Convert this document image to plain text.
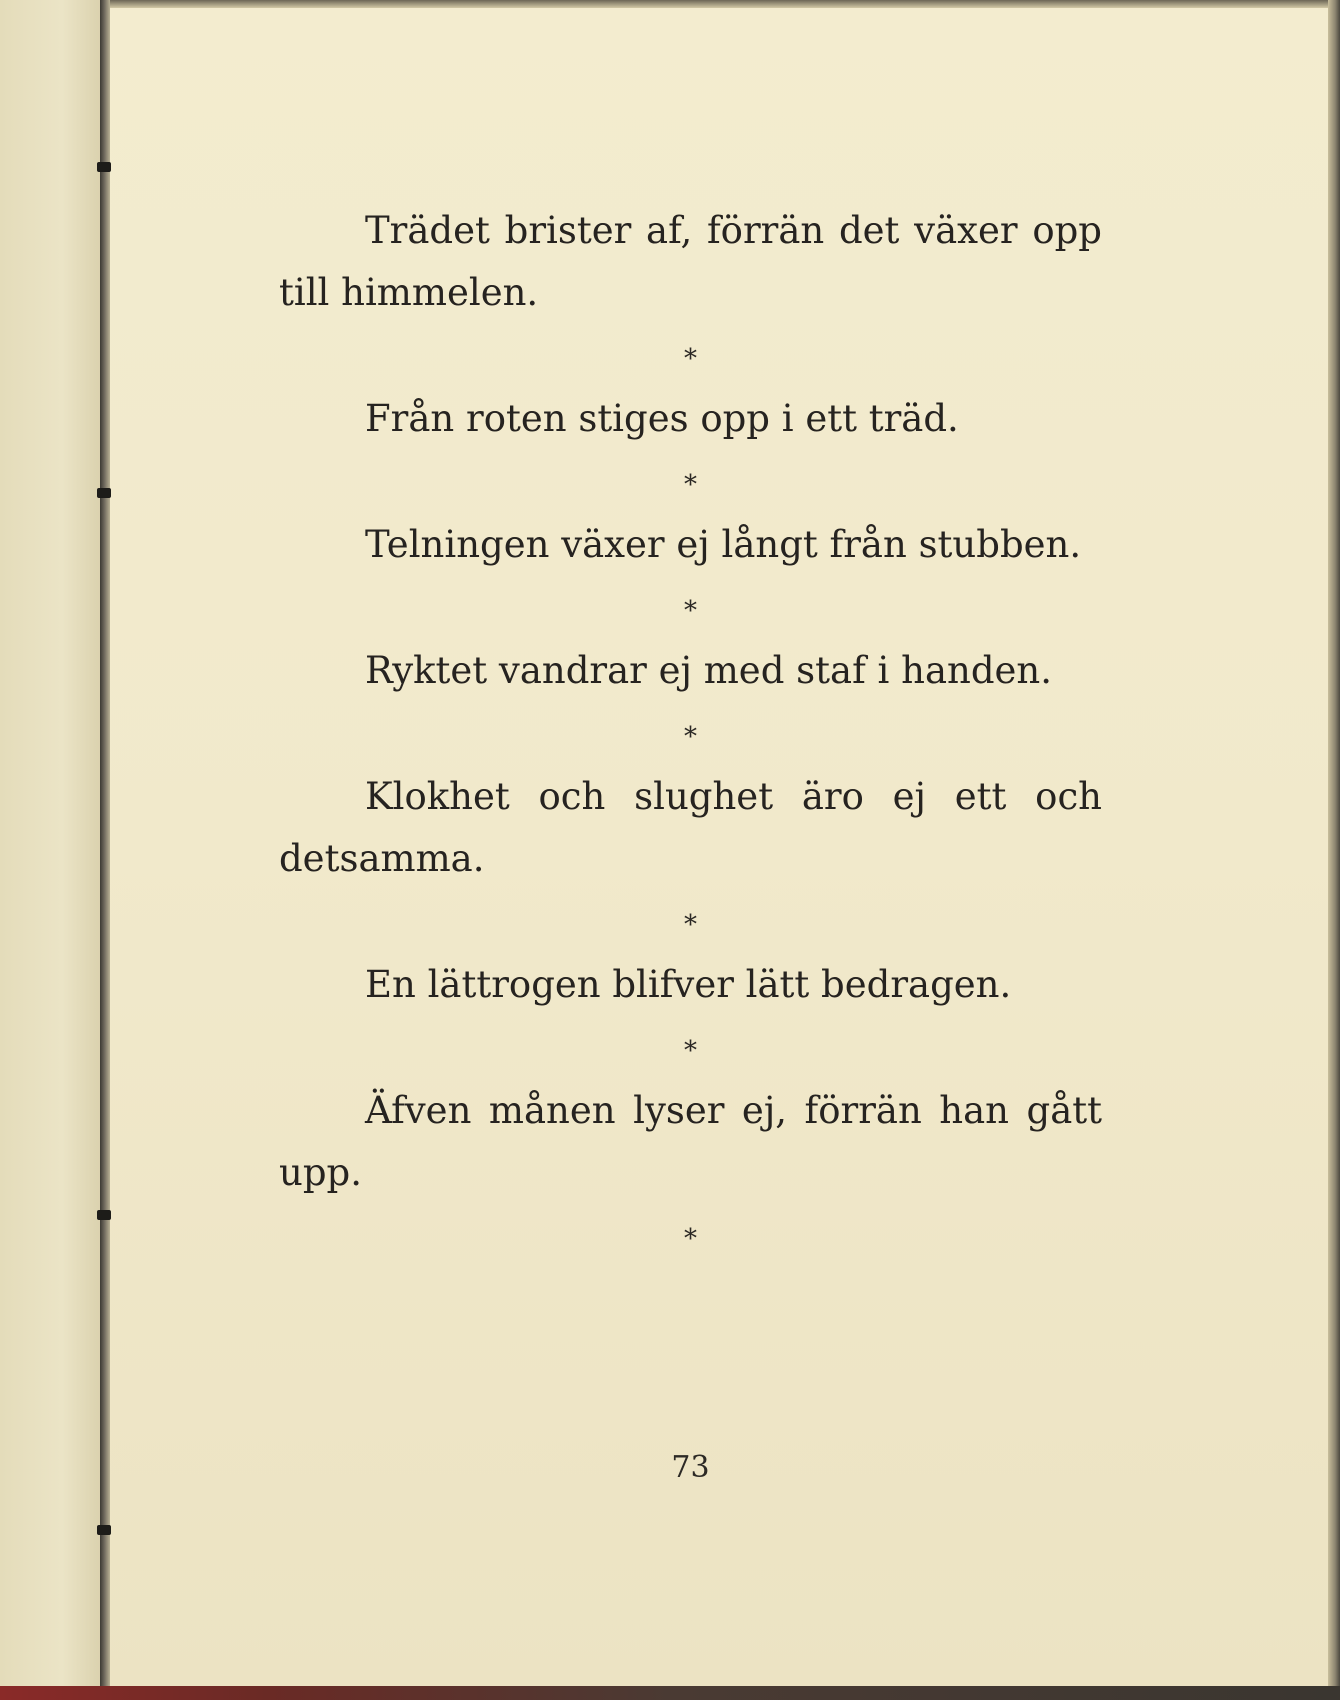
Trädet brister af, förrän det växer opp till himmelen.

*

Från roten stiges opp i ett träd.

*

Telningen växer ej långt från stubben.

*

Ryktet vandrar ej med staf i handen.

*

Klokhet och slughet äro ej ett och detsamma.

*

En lättrogen blifver lätt bedragen.

*

Äfven månen lyser ej, förrän han gått upp.

*
73
